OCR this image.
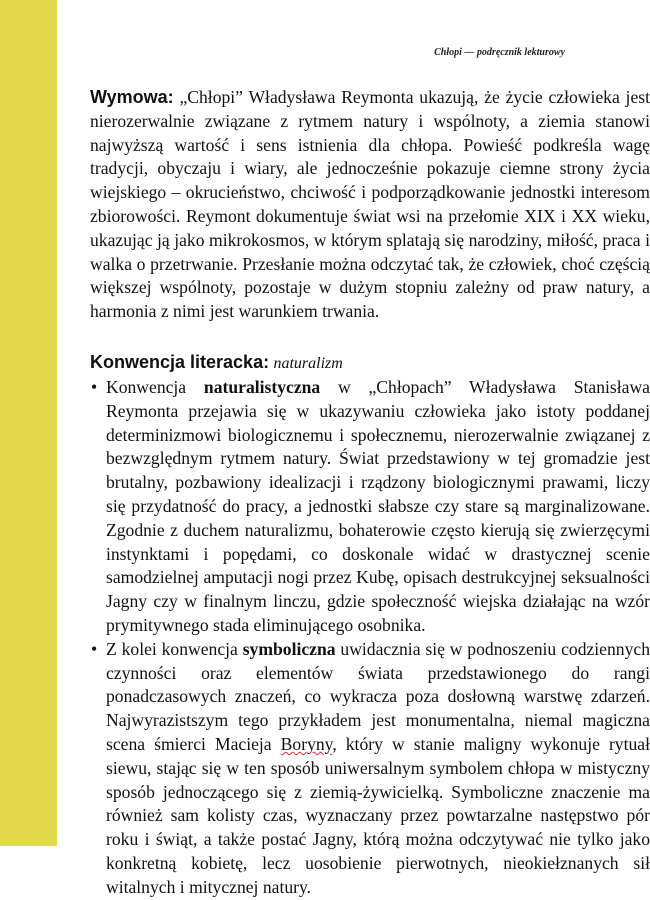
Chłopi — podręcznik lekturowy

Wymowa: „Chłopi” Władysława Reymonta ukazują, że życie człowieka jest nierozerwalnie związane z rytmem natury i wspólnoty, a ziemia stanowi najwyższą wartość i sens istnienia dla chłopa. Powieść podkreśla wagę tradycji, obyczaju i wiary, ale jednocześnie pokazuje ciemne strony życia wiejskiego – okrucieństwo, chciwość i podporządkowanie jednostki interesom zbiorowości. Reymont dokumentuje świat wsi na przełomie XIX i XX wieku, ukazując ją jako mikrokosmos, w którym splatają się narodziny, miłość, praca i walka o przetrwanie. Przesłanie można odczytać tak, że człowiek, choć częścią większej wspólnoty, pozostaje w dużym stopniu zależny od praw natury, a harmonia z nimi jest warunkiem trwania.

Konwencja literacka: naturalizm
• Konwencja naturalistyczna w „Chłopach” Władysława Stanisława Reymonta przejawia się w ukazywaniu człowieka jako istoty poddanej determinizmowi biologicznemu i społecznemu, nierozerwalnie związanej z bezwzględnym rytmem natury. Świat przedstawiony w tej gromadzie jest brutalny, pozbawiony idealizacji i rządzony biologicznymi prawami, liczy się przydatność do pracy, a jednostki słabsze czy stare są marginalizowane. Zgodnie z duchem naturalizmu, bohaterowie często kierują się zwierzęcymi instynktami i popędami, co doskonale widać w drastycznej scenie samodzielnej amputacji nogi przez Kubę, opisach destrukcyjnej seksualności Jagny czy w finalnym linczu, gdzie społeczność wiejska działając na wzór prymitywnego stada eliminującego osobnika.
• Z kolei konwencja symboliczna uwidacznia się w podnoszeniu codziennych czynności oraz elementów świata przedstawionego do rangi ponadczasowych znaczeń, co wykracza poza dosłowną warstwę zdarzeń. Najwyrazistszym tego przykładem jest monumentalna, niemal magiczna scena śmierci Macieja Boryny, który w stanie maligny wykonuje rytuał siewu, stając się w ten sposób uniwersalnym symbolem chłopa w mistyczny sposób jednoczącego się z ziemią-żywicielką. Symboliczne znaczenie ma również sam kolisty czas, wyznaczany przez powtarzalne następstwo pór roku i świąt, a także postać Jagny, którą można odczytywać nie tylko jako konkretną kobietę, lecz uosobienie pierwotnych, nieokiełznanych sił witalnych i mitycznej natury.
